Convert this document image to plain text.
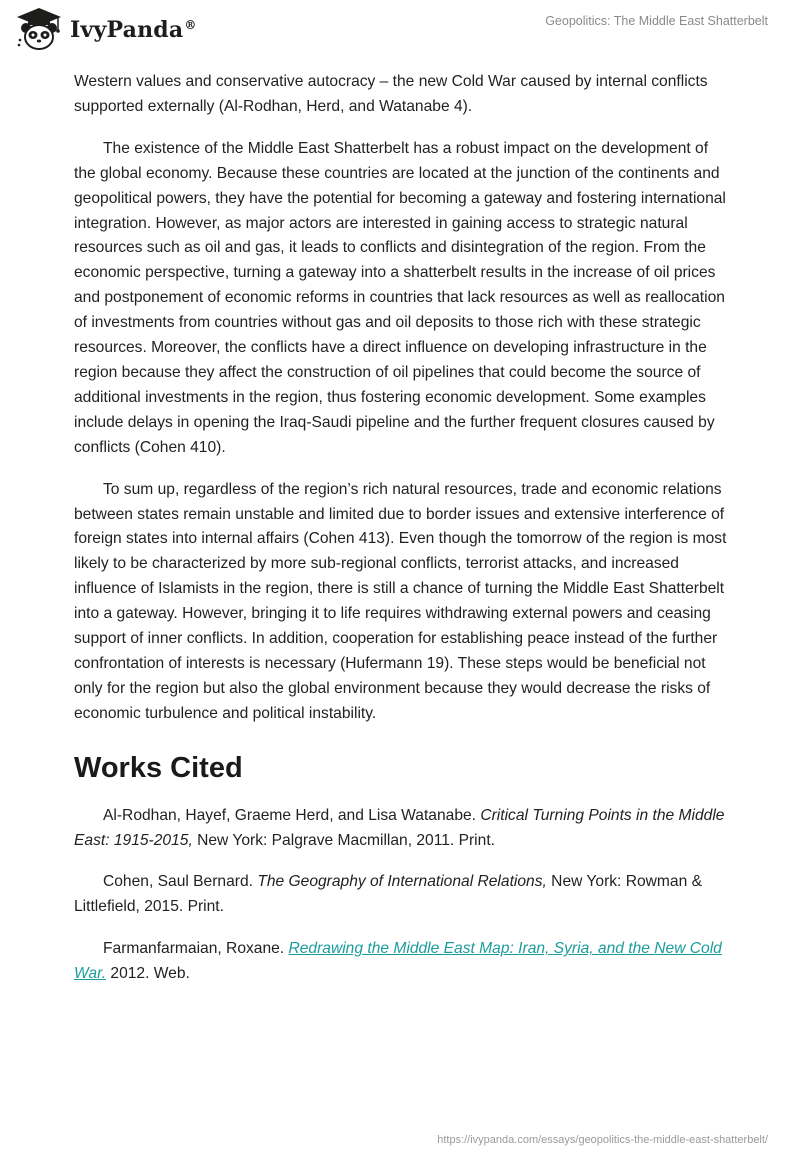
IvyPanda®	Geopolitics: The Middle East Shatterbelt

Western values and conservative autocracy – the new Cold War caused by internal conflicts supported externally (Al-Rodhan, Herd, and Watanabe 4).

The existence of the Middle East Shatterbelt has a robust impact on the development of the global economy. Because these countries are located at the junction of the continents and geopolitical powers, they have the potential for becoming a gateway and fostering international integration. However, as major actors are interested in gaining access to strategic natural resources such as oil and gas, it leads to conflicts and disintegration of the region. From the economic perspective, turning a gateway into a shatterbelt results in the increase of oil prices and postponement of economic reforms in countries that lack resources as well as reallocation of investments from countries without gas and oil deposits to those rich with these strategic resources. Moreover, the conflicts have a direct influence on developing infrastructure in the region because they affect the construction of oil pipelines that could become the source of additional investments in the region, thus fostering economic development. Some examples include delays in opening the Iraq-Saudi pipeline and the further frequent closures caused by conflicts (Cohen 410).

To sum up, regardless of the region’s rich natural resources, trade and economic relations between states remain unstable and limited due to border issues and extensive interference of foreign states into internal affairs (Cohen 413). Even though the tomorrow of the region is most likely to be characterized by more sub-regional conflicts, terrorist attacks, and increased influence of Islamists in the region, there is still a chance of turning the Middle East Shatterbelt into a gateway. However, bringing it to life requires withdrawing external powers and ceasing support of inner conflicts. In addition, cooperation for establishing peace instead of the further confrontation of interests is necessary (Hufermann 19). These steps would be beneficial not only for the region but also the global environment because they would decrease the risks of economic turbulence and political instability.

Works Cited

Al-Rodhan, Hayef, Graeme Herd, and Lisa Watanabe. Critical Turning Points in the Middle East: 1915-2015, New York: Palgrave Macmillan, 2011. Print.

Cohen, Saul Bernard. The Geography of International Relations, New York: Rowman & Littlefield, 2015. Print.

Farmanfarmaian, Roxane. Redrawing the Middle East Map: Iran, Syria, and the New Cold War. 2012. Web.

https://ivypanda.com/essays/geopolitics-the-middle-east-shatterbelt/
